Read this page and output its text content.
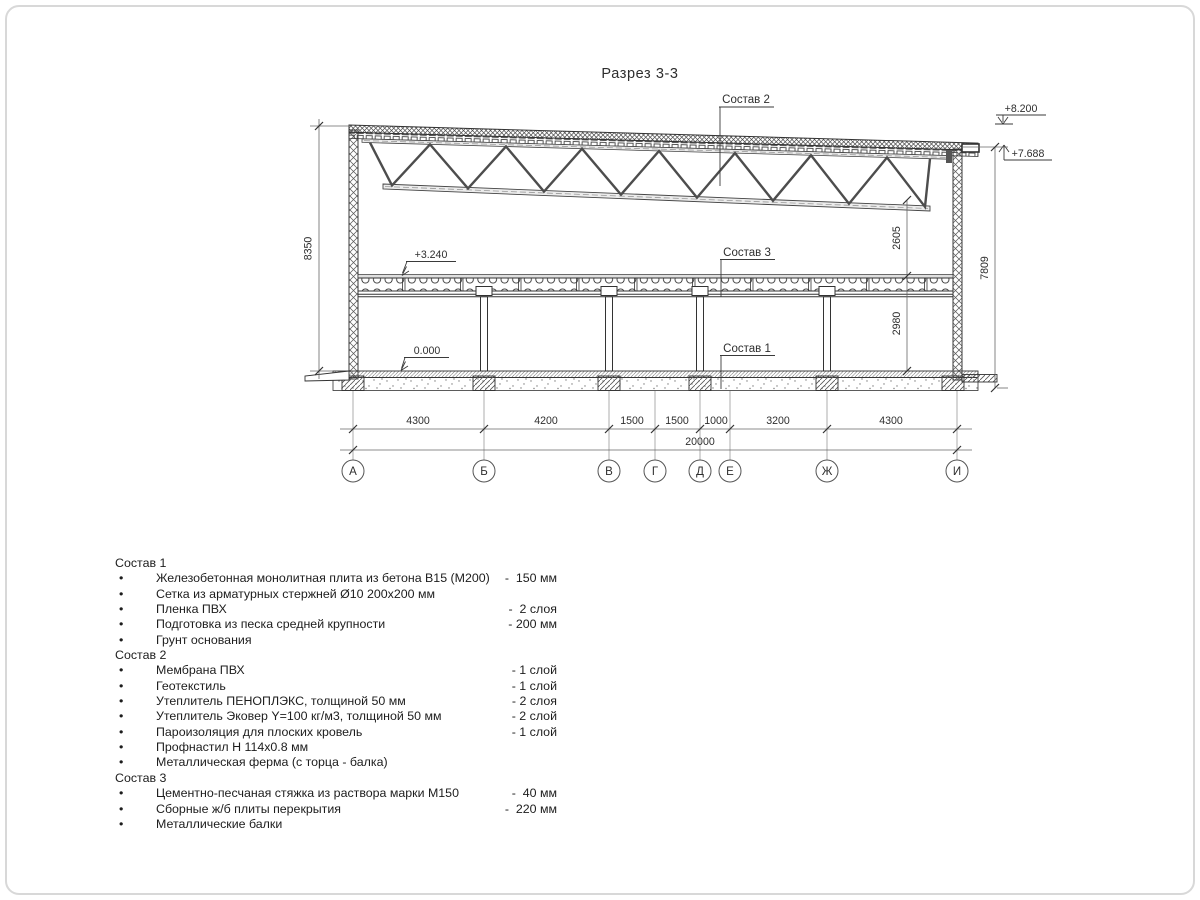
Состав 2
Состав 3
Состав 1
+8.200
+7.688
+3.240
0.000
8350	2605
2980
7809
4300	4200	1500 1500 1000	3200	4300
20000
А	Б	В	Г	Д Е	Ж	И
Разрез 3-3
Состав 1
•	Железобетонная монолитная плита из бетона В15 (М200)	-  150 мм
•	Сетка из арматурных стержней Ø10 200х200 мм
•	Пленка ПВХ	-  2 слоя
•	Подготовка из песка средней крупности	- 200 мм
•	Грунт основания
Состав 2
•	Мембрана ПВХ	- 1 слой
•	Геотекстиль	- 1 слой
•	Утеплитель ПЕНОПЛЭКС, толщиной 50 мм	- 2 слоя
•	Утеплитель Эковер Y=100 кг/м3, толщиной 50 мм	- 2 слой
•	Пароизоляция для плоских кровель	- 1 слой
•	Профнастил Н 114х0.8 мм
•	Металлическая ферма (с торца - балка)
Состав 3
•	Цементно-песчаная стяжка из раствора марки М150	-  40 мм
•	Сборные ж/б плиты перекрытия	-  220 мм
•	Металлические балки
